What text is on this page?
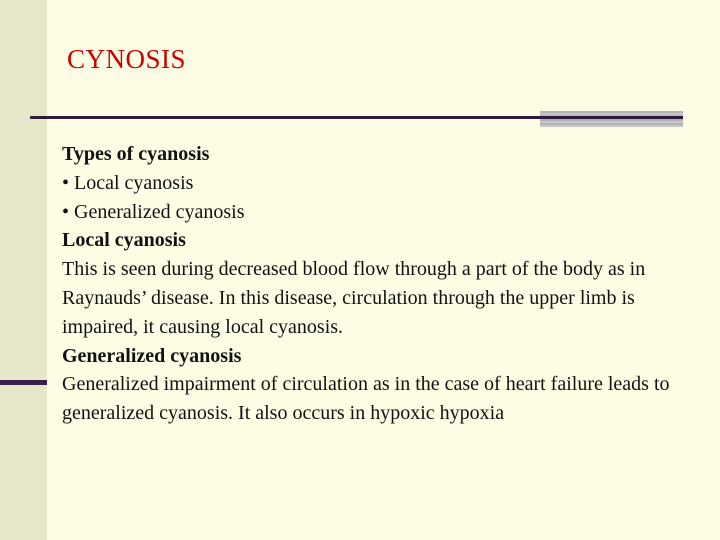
CYNOSIS

Types of cyanosis

• Local cyanosis

• Generalized cyanosis

Local cyanosis

This is seen during decreased blood flow through a part of the body as in Raynauds’ disease. In this disease, circulation through the upper limb is impaired, it causing local cyanosis.

Generalized cyanosis

Generalized impairment of circulation as in the case of heart failure leads to generalized cyanosis. It also occurs in hypoxic hypoxia
